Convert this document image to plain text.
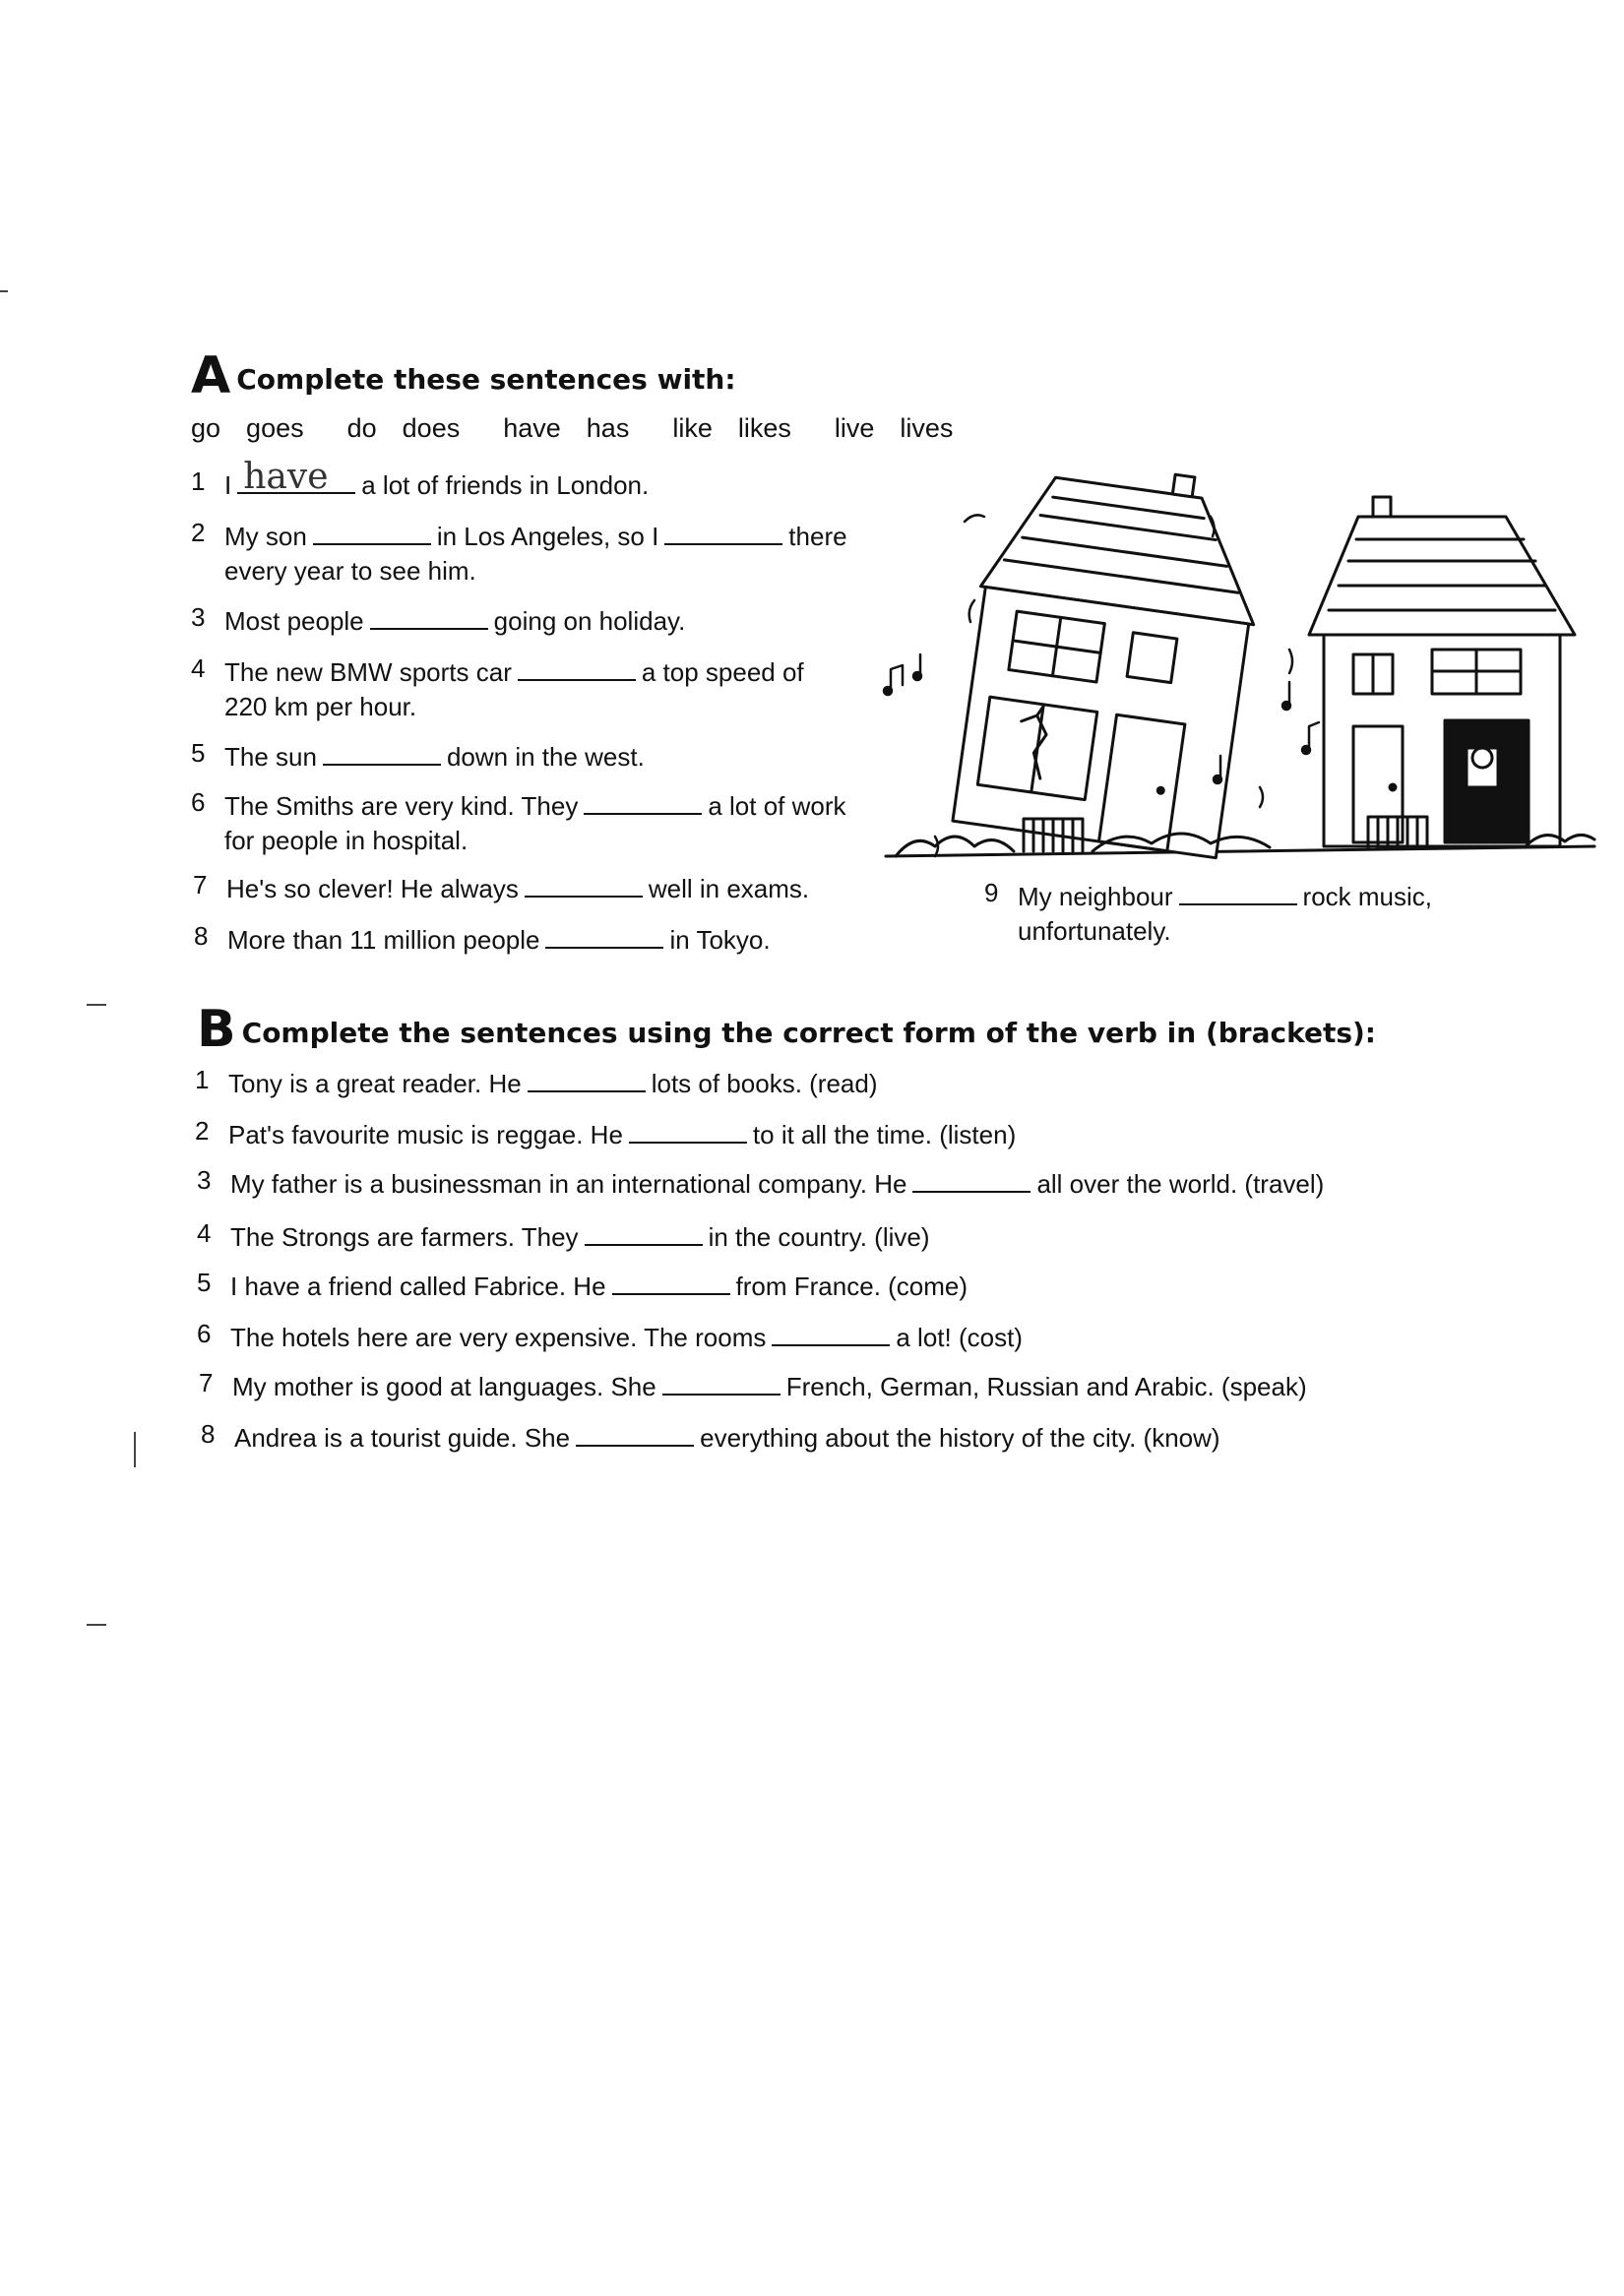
A Complete these sentences with:
go goes do does have has like likes live lives
1 I have a lot of friends in London.
2 My son	in Los Angeles, so I	there
every year to see him.
3 Most people	going on holiday.
4 The new BMW sports car	a top speed of
220 km per hour.
5 The sun	down in the west.
6 The Smiths are very kind. They	a lot of work
for people in hospital.
7 He's so clever! He always	well in exams.
8 More than 11 million people	in Tokyo.
9 My neighbour	rock music,
unfortunately.
B Complete the sentences using the correct form of the verb in (brackets):
1 Tony is a great reader. He	lots of books. (read)
2 Pat's favourite music is reggae. He	to it all the time. (listen)
3 My father is a businessman in an international company. He	all over the world. (travel)
4 The Strongs are farmers. They	in the country. (live)
5 I have a friend called Fabrice. He	from France. (come)
6 The hotels here are very expensive. The rooms	a lot! (cost)
7 My mother is good at languages. She	French, German, Russian and Arabic. (speak)
8 Andrea is a tourist guide. She	everything about the history of the city. (know)
